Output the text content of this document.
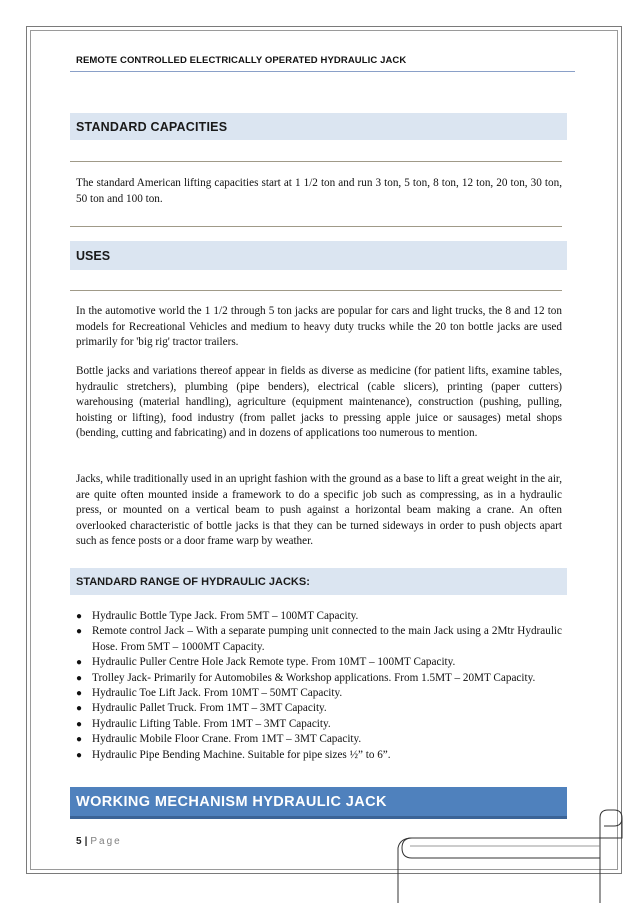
REMOTE CONTROLLED ELECTRICALLY OPERATED HYDRAULIC JACK
STANDARD CAPACITIES
The standard American lifting capacities start at 1 1/2 ton and run 3 ton, 5 ton, 8 ton, 12 ton, 20 ton, 30 ton, 50 ton and 100 ton.
USES
In the automotive world the 1 1/2 through 5 ton jacks are popular for cars and light trucks, the 8 and 12 ton models for Recreational Vehicles and medium to heavy duty trucks while the 20 ton bottle jacks are used primarily for 'big rig' tractor trailers.
Bottle jacks and variations thereof appear in fields as diverse as medicine (for patient lifts, examine tables, hydraulic stretchers), plumbing (pipe benders), electrical (cable slicers), printing (paper cutters) warehousing (material handling), agriculture (equipment maintenance), construction (pushing, pulling, hoisting or lifting), food industry (from pallet jacks to pressing apple juice or sausages) metal shops (bending, cutting and fabricating) and in dozens of applications too numerous to mention.
Jacks, while traditionally used in an upright fashion with the ground as a base to lift a great weight in the air, are quite often mounted inside a framework to do a specific job such as compressing, as in a hydraulic press, or mounted on a vertical beam to push against a horizontal beam making a crane. An often overlooked characteristic of bottle jacks is that they can be turned sideways in order to push objects apart such as fence posts or a door frame warp by weather.
STANDARD RANGE OF HYDRAULIC JACKS:
● Hydraulic Bottle Type Jack. From 5MT – 100MT Capacity.
● Remote control Jack – With a separate pumping unit connected to the main Jack using a 2Mtr Hydraulic Hose. From 5MT – 1000MT Capacity.
● Hydraulic Puller Centre Hole Jack Remote type. From 10MT – 100MT Capacity.
● Trolley Jack- Primarily for Automobiles & Workshop applications. From 1.5MT – 20MT Capacity.
● Hydraulic Toe Lift Jack. From 10MT – 50MT Capacity.
● Hydraulic Pallet Truck. From 1MT – 3MT Capacity.
● Hydraulic Lifting Table. From 1MT – 3MT Capacity.
● Hydraulic Mobile Floor Crane. From 1MT – 3MT Capacity.
● Hydraulic Pipe Bending Machine. Suitable for pipe sizes ½” to 6”.
WORKING MECHANISM HYDRAULIC JACK
5 | Page
